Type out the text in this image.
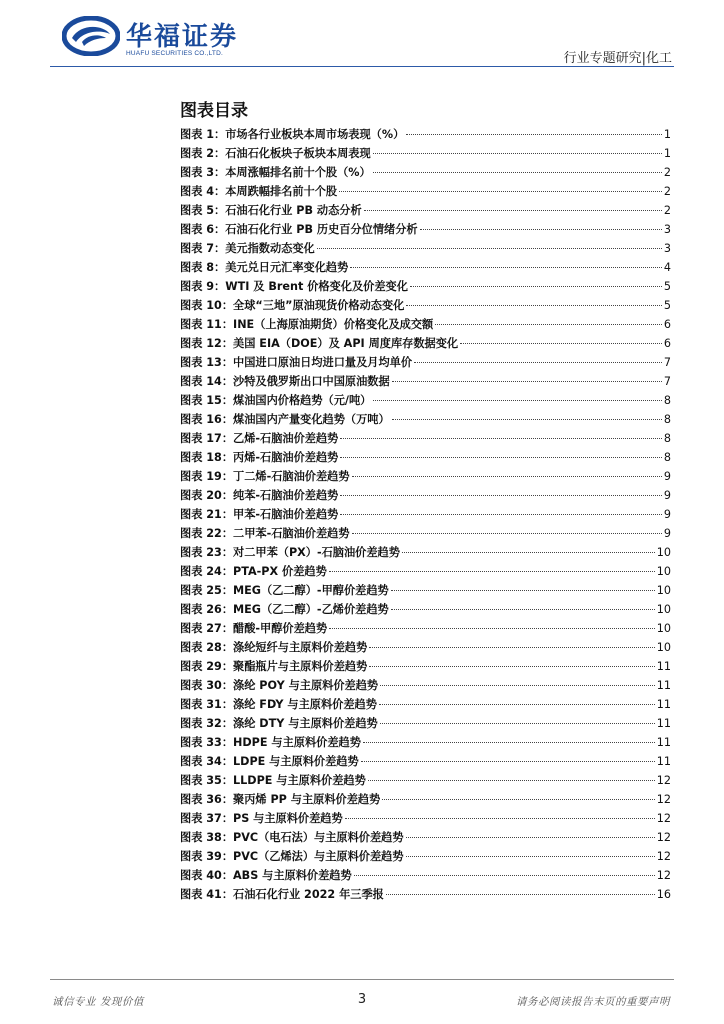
华福证券
HUAFU SECURITIES CO.,LTD.	行业专题研究|化工
图表目录
图表 1：市场各行业板块本周市场表现（%）	1
图表 2：石油石化板块子板块本周表现	1
图表 3：本周涨幅排名前十个股（%）	2
图表 4：本周跌幅排名前十个股	2
图表 5：石油石化行业 PB 动态分析	2
图表 6：石油石化行业 PB 历史百分位情绪分析	3
图表 7：美元指数动态变化	3
图表 8：美元兑日元汇率变化趋势	4
图表 9：WTI 及 Brent 价格变化及价差变化	5
图表 10：全球“三地”原油现货价格动态变化	5
图表 11：INE（上海原油期货）价格变化及成交额	6
图表 12：美国 EIA（DOE）及 API 周度库存数据变化	6
图表 13：中国进口原油日均进口量及月均单价	7
图表 14：沙特及俄罗斯出口中国原油数据	7
图表 15：煤油国内价格趋势（元/吨）	8
图表 16：煤油国内产量变化趋势（万吨）	8
图表 17：乙烯-石脑油价差趋势	8
图表 18：丙烯-石脑油价差趋势	8
图表 19：丁二烯-石脑油价差趋势	9
图表 20：纯苯-石脑油价差趋势	9
图表 21：甲苯-石脑油价差趋势	9
图表 22：二甲苯-石脑油价差趋势	9
图表 23：对二甲苯（PX）-石脑油价差趋势	10
图表 24：PTA-PX 价差趋势	10
图表 25：MEG（乙二醇）-甲醇价差趋势	10
图表 26：MEG（乙二醇）-乙烯价差趋势	10
图表 27：醋酸-甲醇价差趋势	10
图表 28：涤纶短纤与主原料价差趋势	10
图表 29：聚酯瓶片与主原料价差趋势	11
图表 30：涤纶 POY 与主原料价差趋势	11
图表 31：涤纶 FDY 与主原料价差趋势	11
图表 32：涤纶 DTY 与主原料价差趋势	11
图表 33：HDPE 与主原料价差趋势	11
图表 34：LDPE 与主原料价差趋势	11
图表 35：LLDPE 与主原料价差趋势	12
图表 36：聚丙烯 PP 与主原料价差趋势	12
图表 37：PS 与主原料价差趋势	12
图表 38：PVC（电石法）与主原料价差趋势	12
图表 39：PVC（乙烯法）与主原料价差趋势	12
图表 40：ABS 与主原料价差趋势	12
图表 41：石油石化行业 2022 年三季报	16
诚信专业 发现价值	3	请务必阅读报告末页的重要声明
